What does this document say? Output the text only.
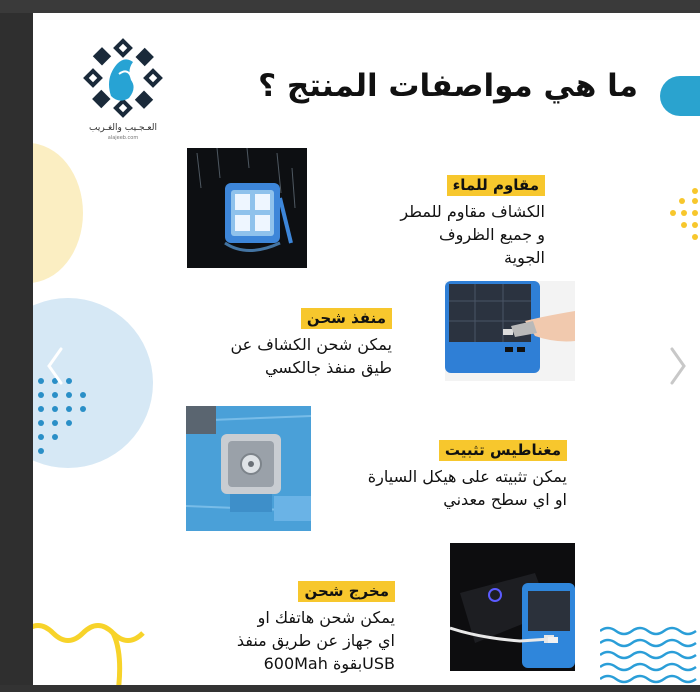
العـجـيب والغـريب
alajeeb.com
ما هي مواصفات المنتج ؟
مقاوم للماء
الكشاف مقاوم للمطر
و جميع الظروف
الجوية
منفذ شحن
يمكن شحن الكشاف عن
طيق منفذ جالكسي
مغناطيس تثبيت
يمكن تثبيته على هيكل السيارة
او اي سطح معدني
مخرج شحن
يمكن شحن هاتفك او
اي جهاز عن طريق منفذ
USBبقوة 600Mah
